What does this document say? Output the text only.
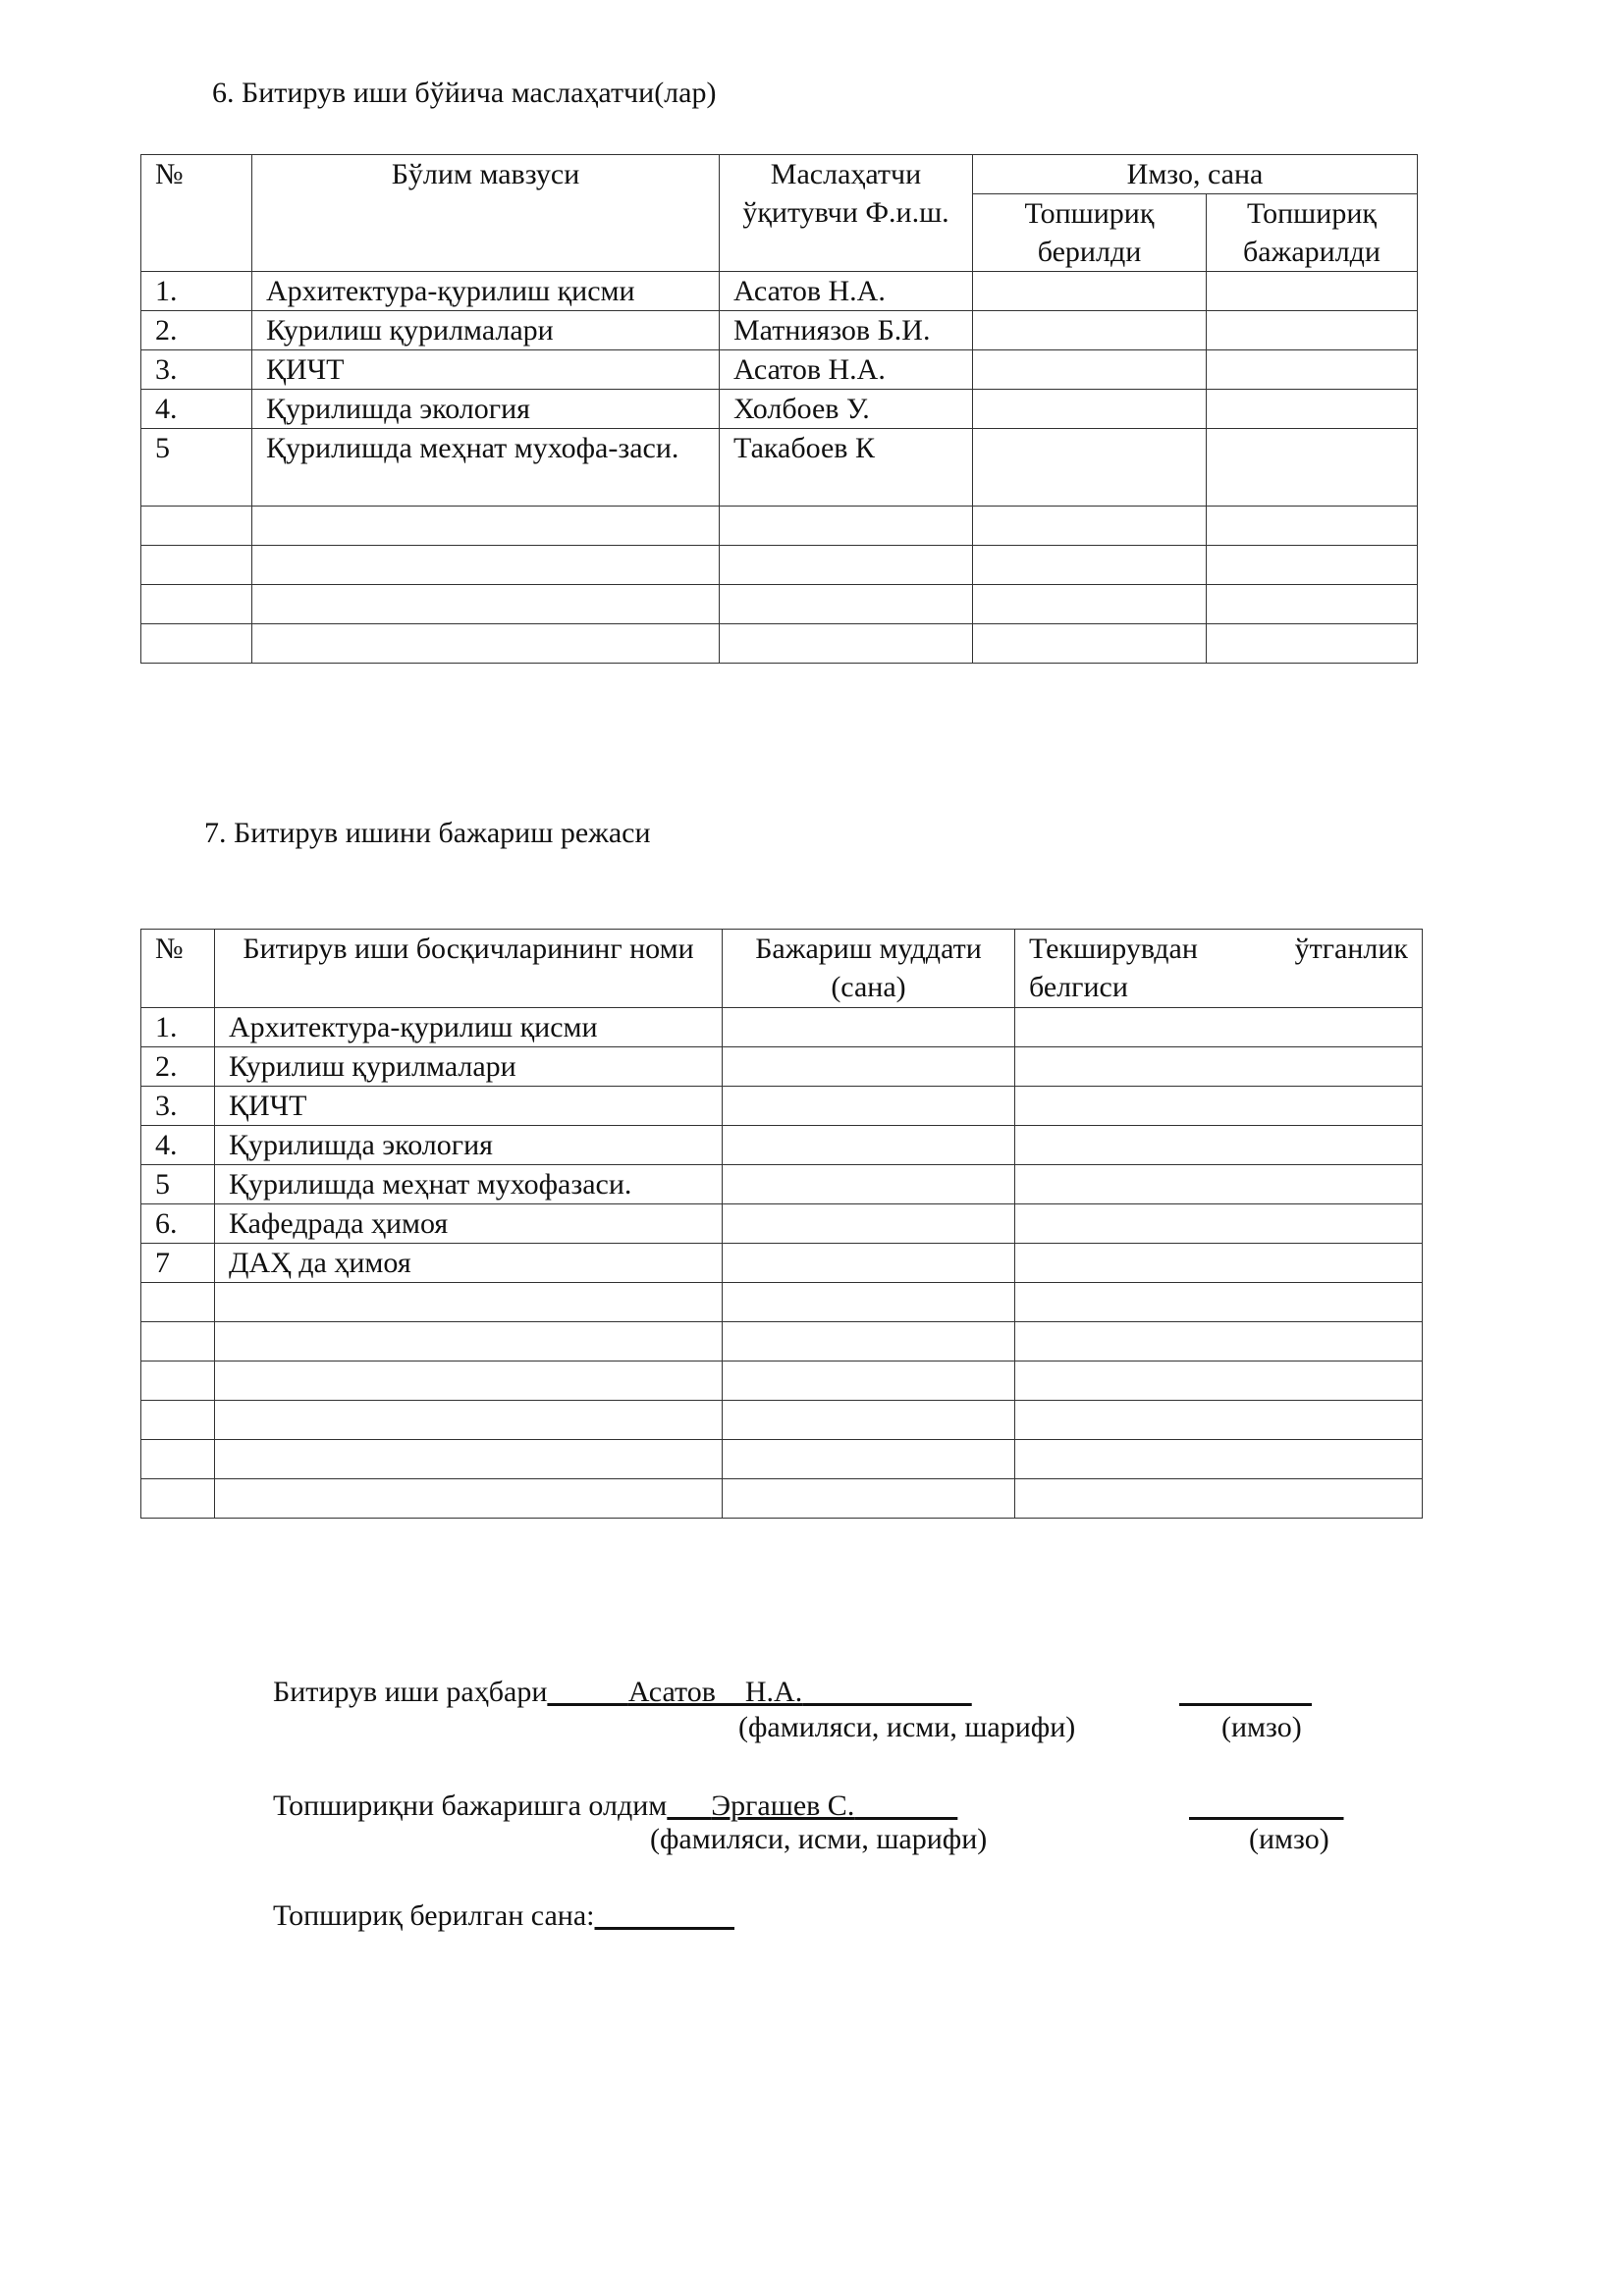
6. Битирув иши бўйича маслаҳатчи(лар)
№	Бўлим мавзуси	Маслаҳатчи ўқитувчи Ф.и.ш.	Имзо, сана	
			Топшириқ берилди	Топшириқ бажарилди
1.	Архитектура-қурилиш қисми	Асатов Н.А.		
2.	Курилиш қурилмалари	Матниязов Б.И.		
3.	ҚИЧТ	Асатов Н.А.		
4.	Қурилишда экология	Холбоев У.		
5	Қурилишда меҳнат мухофа-заси.	Такабоев К		

7. Битирув ишини бажариш режаси
№	Битирув иши босқичларининг номи	Бажариш муддати (сана)	Текширувдан ўтганлик
белгиси

1.	Архитектура-қурилиш қисми		
2.	Курилиш қурилмалари		
3.	ҚИЧТ		
4.	Қурилишда экология		
5	Қурилишда меҳнат мухофазаси.		
6.	Кафедрада ҳимоя		
7	ДАҲ да ҳимоя		

Битирув иши раҳбари	Асатов    Н.А.

(фамиляси, исми, шарифи)	(имзо)
Топшириқни бажаришга олдим Эргашев С.

(фамиляси, исми, шарифи)	(имзо)
Топшириқ берилган сана:
